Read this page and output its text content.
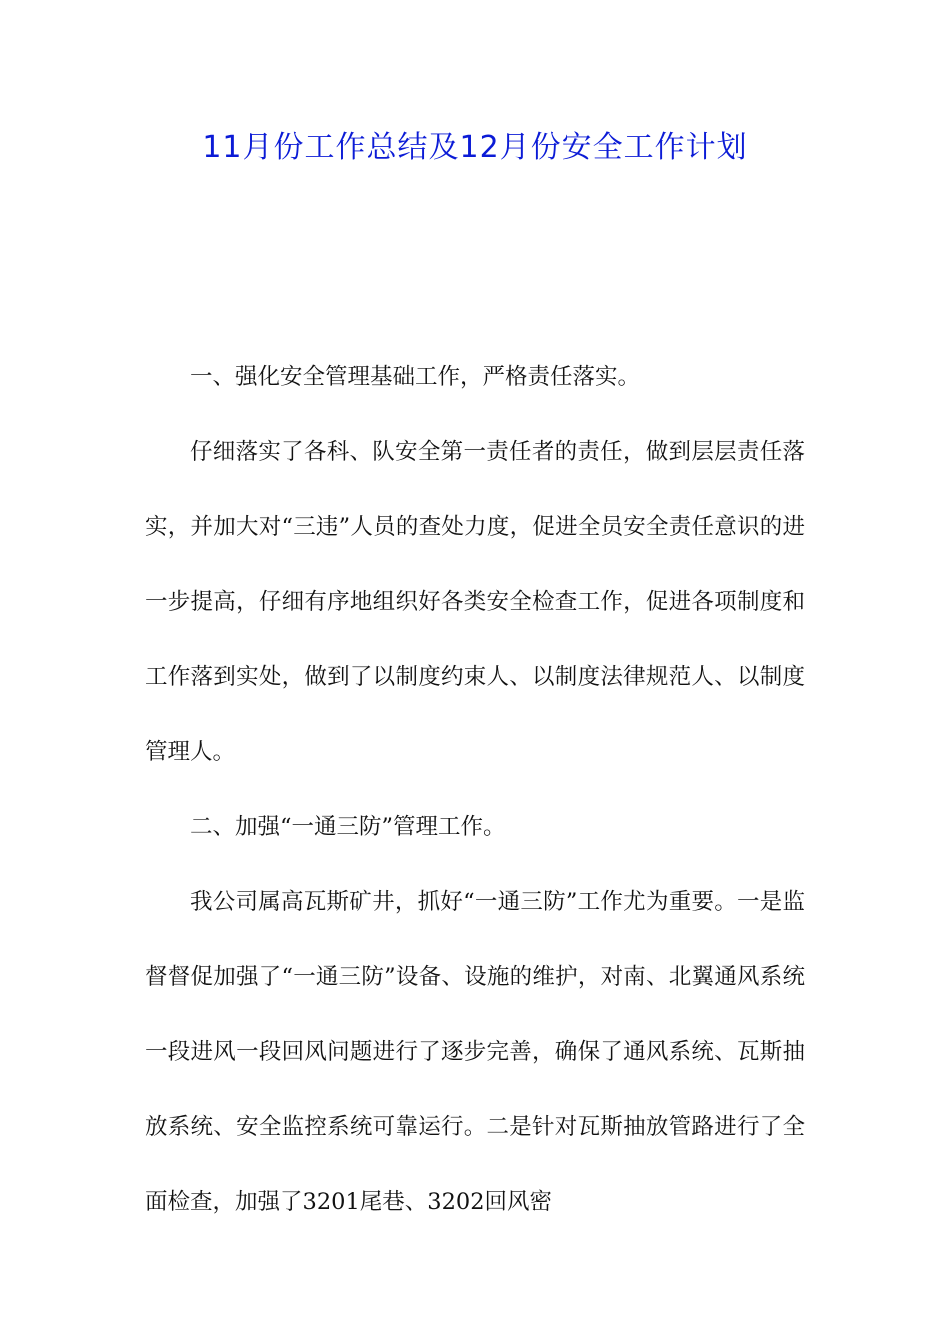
11月份工作总结及12月份安全工作计划

一、强化安全管理基础工作，严格责任落实。

仔细落实了各科、队安全第一责任者的责任，做到层层责任落实，并加大对“三违”人员的查处力度，促进全员安全责任意识的进一步提高，仔细有序地组织好各类安全检查工作，促进各项制度和工作落到实处，做到了以制度约束人、以制度法律规范人、以制度管理人。

二、加强“一通三防”管理工作。

我公司属高瓦斯矿井，抓好“一通三防”工作尤为重要。一是监督督促加强了“一通三防”设备、设施的维护，对南、北翼通风系统一段进风一段回风问题进行了逐步完善，确保了通风系统、瓦斯抽放系统、安全监控系统可靠运行。二是针对瓦斯抽放管路进行了全面检查，加强了3201尾巷、3202回风密
